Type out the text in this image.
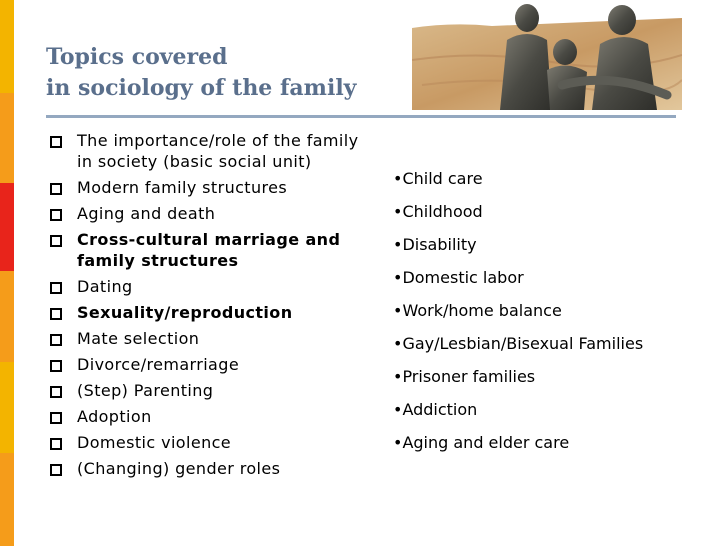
Topics covered
in sociology of the family
The importance/role of the family in society (basic social unit)
Modern family structures
Aging and death
Cross-cultural marriage and family structures
Dating
Sexuality/reproduction
Mate selection
Divorce/remarriage
(Step) Parenting
Adoption
Domestic violence
(Changing) gender roles
•Child care
•Childhood
•Disability
•Domestic labor
•Work/home balance
•Gay/Lesbian/Bisexual Families
•Prisoner families
•Addiction
•Aging and elder care
